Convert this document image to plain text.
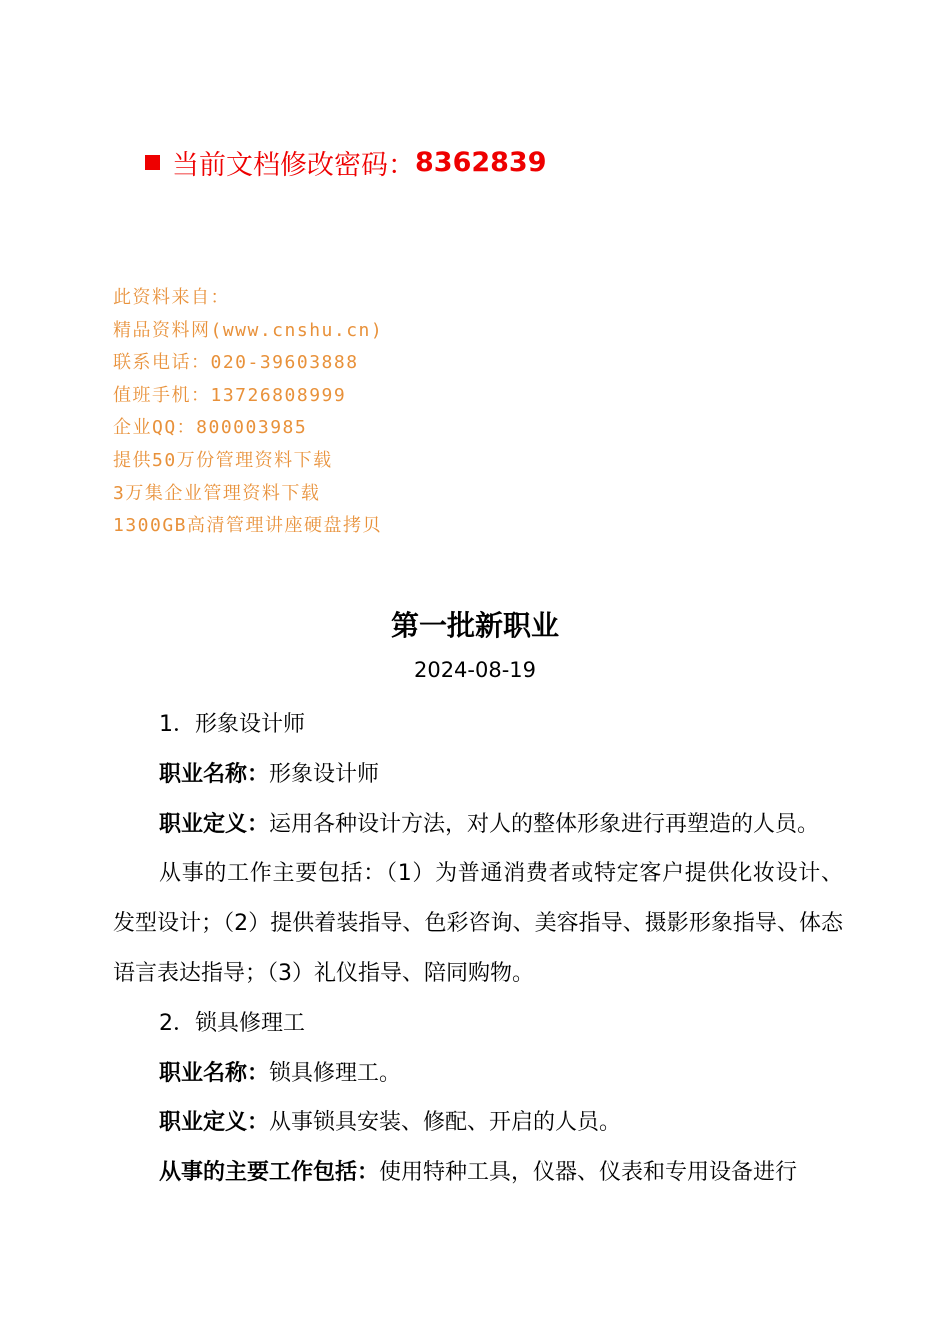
当前文档修改密码： 8362839
此资料来自：
精品资料网(www.cnshu.cn)
联系电话：020-39603888
值班手机：13726808999
企业QQ：800003985
提供50万份管理资料下载
3万集企业管理资料下载
1300GB高清管理讲座硬盘拷贝
第一批新职业
2024-08-19

1．形象设计师

职业名称：形象设计师

职业定义：运用各种设计方法，对人的整体形象进行再塑造的人员。

从事的工作主要包括：（1）为普通消费者或特定客户提供化妆设计、发型设计；（2）提供着装指导、色彩咨询、美容指导、摄影形象指导、体态语言表达指导；（3）礼仪指导、陪同购物。

2．锁具修理工

职业名称：锁具修理工。

职业定义：从事锁具安装、修配、开启的人员。

从事的主要工作包括：使用特种工具，仪器、仪表和专用设备进行
